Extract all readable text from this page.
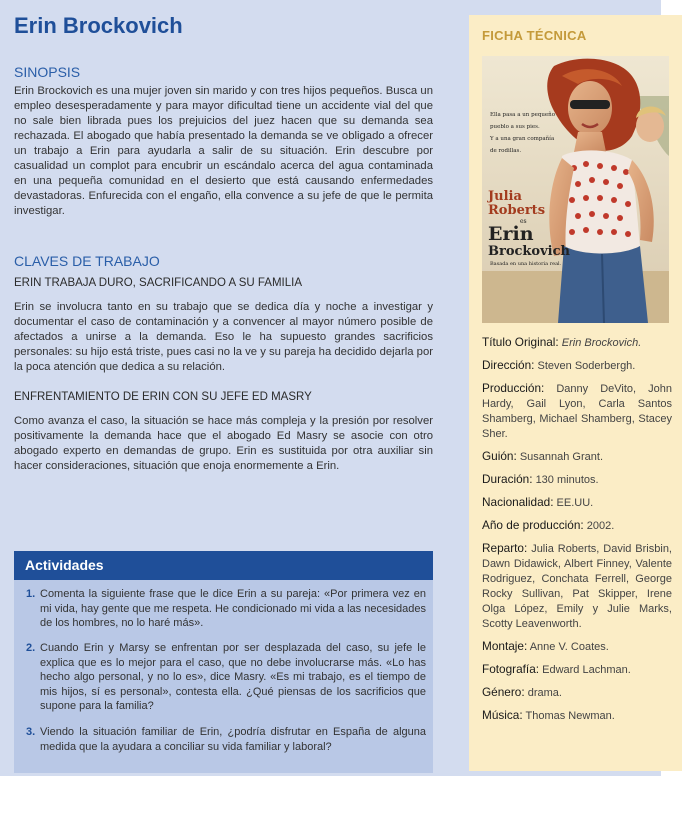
Erin Brockovich
SINOPSIS

Erin Brockovich es una mujer joven sin marido y con tres hijos pequeños. Busca un empleo desesperadamente y para mayor dificultad tiene un accidente vial del que no sale bien librada pues los prejuicios del juez hacen que su demanda sea rechazada. El abogado que había presentado la demanda se ve obligado a ofrecer un trabajo a Erin para ayudarla a salir de su situación. Erin descubre por casualidad un complot para encubrir un escándalo acerca del agua contaminada en una pequeña comunidad en el desierto que está causando enfermedades devastadoras. Enfurecida con el engaño, ella convence a su jefe de que le permita investigar.

CLAVES DE TRABAJO
ERIN TRABAJA DURO, SACRIFICANDO A SU FAMILIA

Erin se involucra tanto en su trabajo que se dedica día y noche a investigar y documentar el caso de contaminación y a convencer al mayor número posible de afectados a unirse a la demanda. Eso le ha supuesto grandes sacrificios personales: su hijo está triste, pues casi no la ve y su pareja ha decidido dejarla por la poca atención que dedica a su relación.

ENFRENTAMIENTO DE ERIN CON SU JEFE ED MASRY

Como avanza el caso, la situación se hace más compleja y la presión por resolver positivamente la demanda hace que el abogado Ed Masry se asocie con otro abogado experto en demandas de grupo. Erin es sustituida por otra auxiliar sin hacer consideraciones, situación que enoja enormemente a Erin.

Actividades
1. Comenta la siguiente frase que le dice Erin a su pareja: «Por primera vez en mi vida, hay gente que me respeta. He condicionado mi vida a las necesidades de los hombres, no lo haré más».
2. Cuando Erin y Marsy se enfrentan por ser desplazada del caso, su jefe le explica que es lo mejor para el caso, que no debe involucrarse más. «Lo has hecho algo personal, y no lo es», dice Masry. «Es mi trabajo, es el tiempo de mis hijos, sí es personal», contesta ella. ¿Qué piensas de los sacrificios que supone para la familia?
3. Viendo la situación familiar de Erin, ¿podría disfrutar en España de alguna medida que la ayudara a conciliar su vida familiar y laboral?
FICHA TÉCNICA
Ella pasa a un pequeño
pueblo a sus pies.
Y a una gran compañía
de rodillas.
Julia
Roberts
es
Erin
Brockovich
Basada en una historia real.

Título Original: Erin Brockovich.

Dirección: Steven Soderbergh.

Producción: Danny DeVito, John Hardy, Gail Lyon, Carla Santos Shamberg, Michael Shamberg, Stacey Sher.

Guión: Susannah Grant.

Duración: 130 minutos.

Nacionalidad: EE.UU.

Año de producción: 2002.

Reparto: Julia Roberts, David Brisbin, Dawn Didawick, Albert Finney, Valente Rodriguez, Conchata Ferrell, George Rocky Sullivan, Pat Skipper, Irene Olga López, Emily y Julie Marks, Scotty Leavenworth.

Montaje: Anne V. Coates.

Fotografía: Edward Lachman.

Género: drama.

Música: Thomas Newman.
